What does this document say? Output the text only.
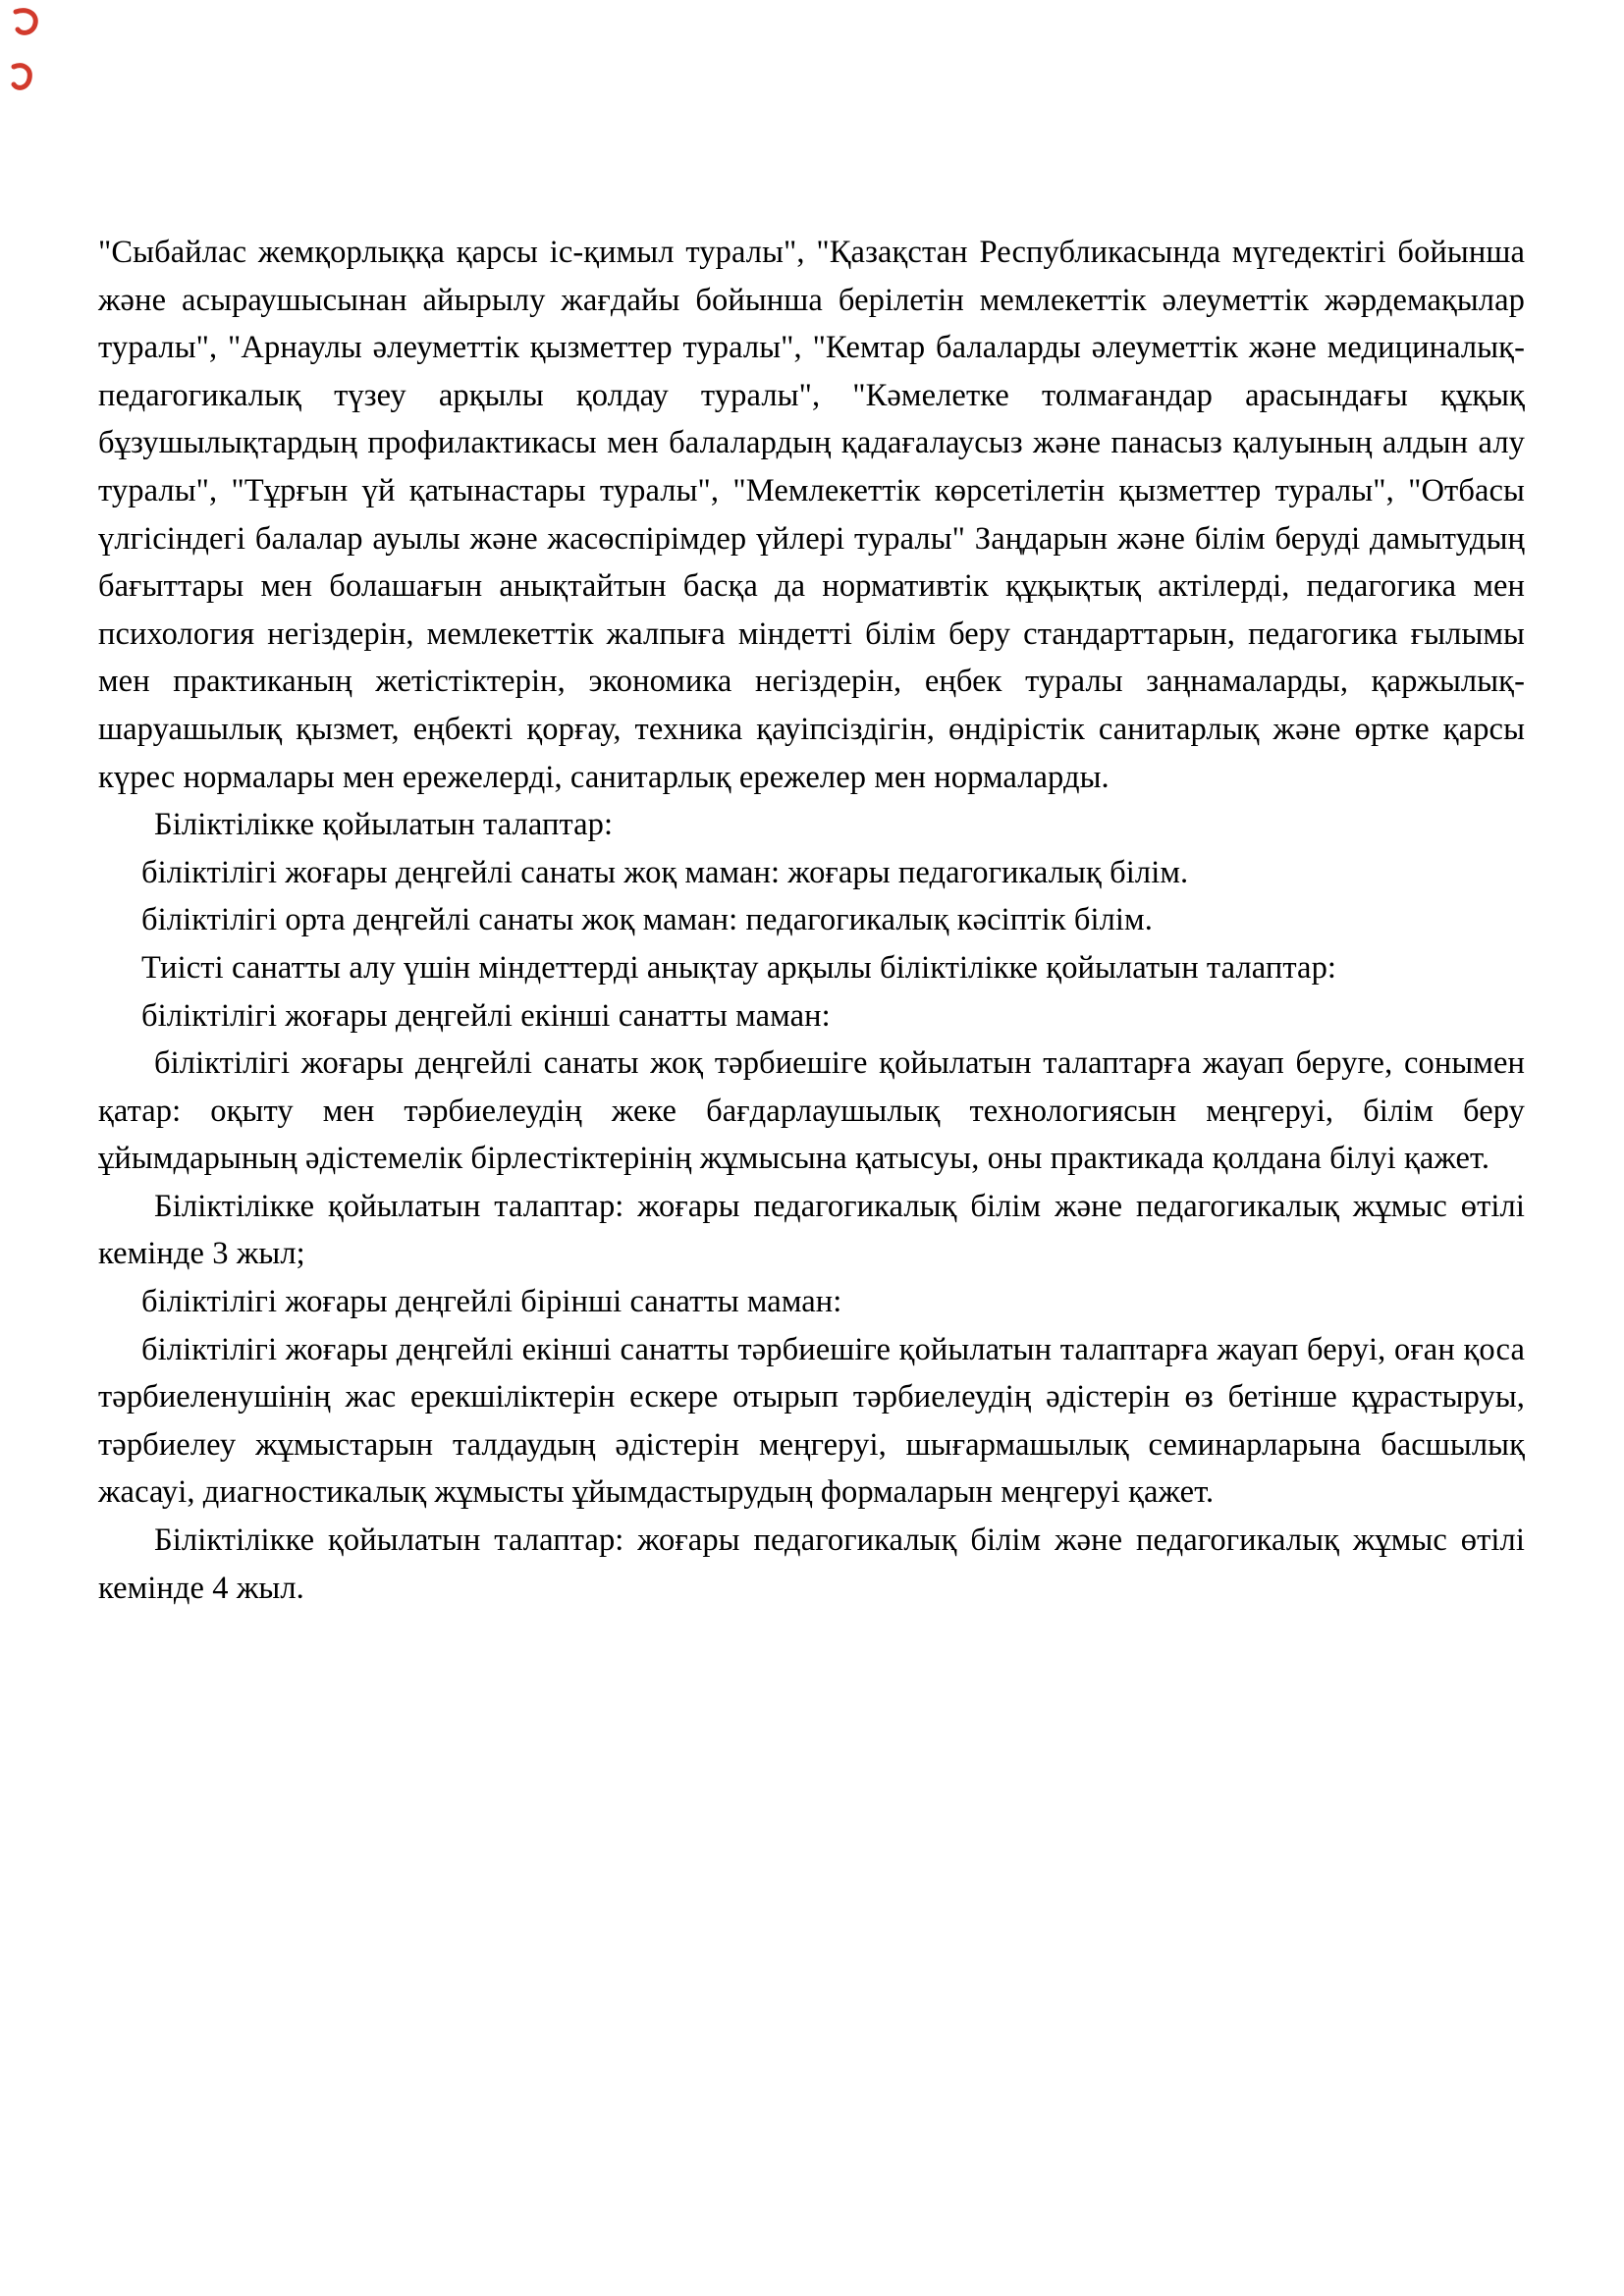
"Сыбайлас жемқорлыққа қарсы іс-қимыл туралы", "Қазақстан Республикасында мүгедектігі бойынша және асыраушысынан айырылу жағдайы бойынша берілетін мемлекеттік әлеуметтік жәрдемақылар туралы", "Арнаулы әлеуметтік қызметтер туралы", "Кемтар балаларды әлеуметтік және медициналық-педагогикалық түзеу арқылы қолдау туралы", "Кәмелетке толмағандар арасындағы құқық бұзушылықтардың профилактикасы мен балалардың қадағалаусыз және панасыз қалуының алдын алу туралы", "Тұрғын үй қатынастары туралы", "Мемлекеттік көрсетілетін қызметтер туралы", "Отбасы үлгісіндегі балалар ауылы және жасөспірімдер үйлері туралы" Заңдарын және білім беруді дамытудың бағыттары мен болашағын анықтайтын басқа да нормативтік құқықтық актілерді, педагогика мен психология негіздерін, мемлекеттік жалпыға міндетті білім беру стандарттарын, педагогика ғылымы мен практиканың жетістіктерін, экономика негіздерін, еңбек туралы заңнамаларды, қаржылық-шаруашылық қызмет, еңбекті қорғау, техника қауіпсіздігін, өндірістік санитарлық және өртке қарсы күрес нормалары мен ережелерді, санитарлық ережелер мен нормаларды.

Біліктілікке қойылатын талаптар:

біліктілігі жоғары деңгейлі санаты жоқ маман: жоғары педагогикалық білім.

біліктілігі орта деңгейлі санаты жоқ маман: педагогикалық кәсіптік білім.

Тиісті санатты алу үшін міндеттерді анықтау арқылы біліктілікке қойылатын талаптар:

біліктілігі жоғары деңгейлі екінші санатты маман:

біліктілігі жоғары деңгейлі санаты жоқ тәрбиешіге қойылатын талаптарға жауап беруге, сонымен қатар: оқыту мен тәрбиелеудің жеке бағдарлаушылық технологиясын меңгеруі, білім беру ұйымдарының әдістемелік бірлестіктерінің жұмысына қатысуы, оны практикада қолдана білуі қажет.

Біліктілікке қойылатын талаптар: жоғары педагогикалық білім және педагогикалық жұмыс өтілі кемінде 3 жыл;

біліктілігі жоғары деңгейлі бірінші санатты маман:

біліктілігі жоғары деңгейлі екінші санатты тәрбиешіге қойылатын талаптарға жауап беруі, оған қоса тәрбиеленушінің жас ерекшіліктерін ескере отырып тәрбиелеудің әдістерін өз бетінше құрастыруы, тәрбиелеу жұмыстарын талдаудың әдістерін меңгеруі, шығармашылық семинарларына басшылық жасауі, диагностикалық жұмысты ұйымдастырудың формаларын меңгеруі қажет.

Біліктілікке қойылатын талаптар: жоғары педагогикалық білім және педагогикалық жұмыс өтілі кемінде 4 жыл.
